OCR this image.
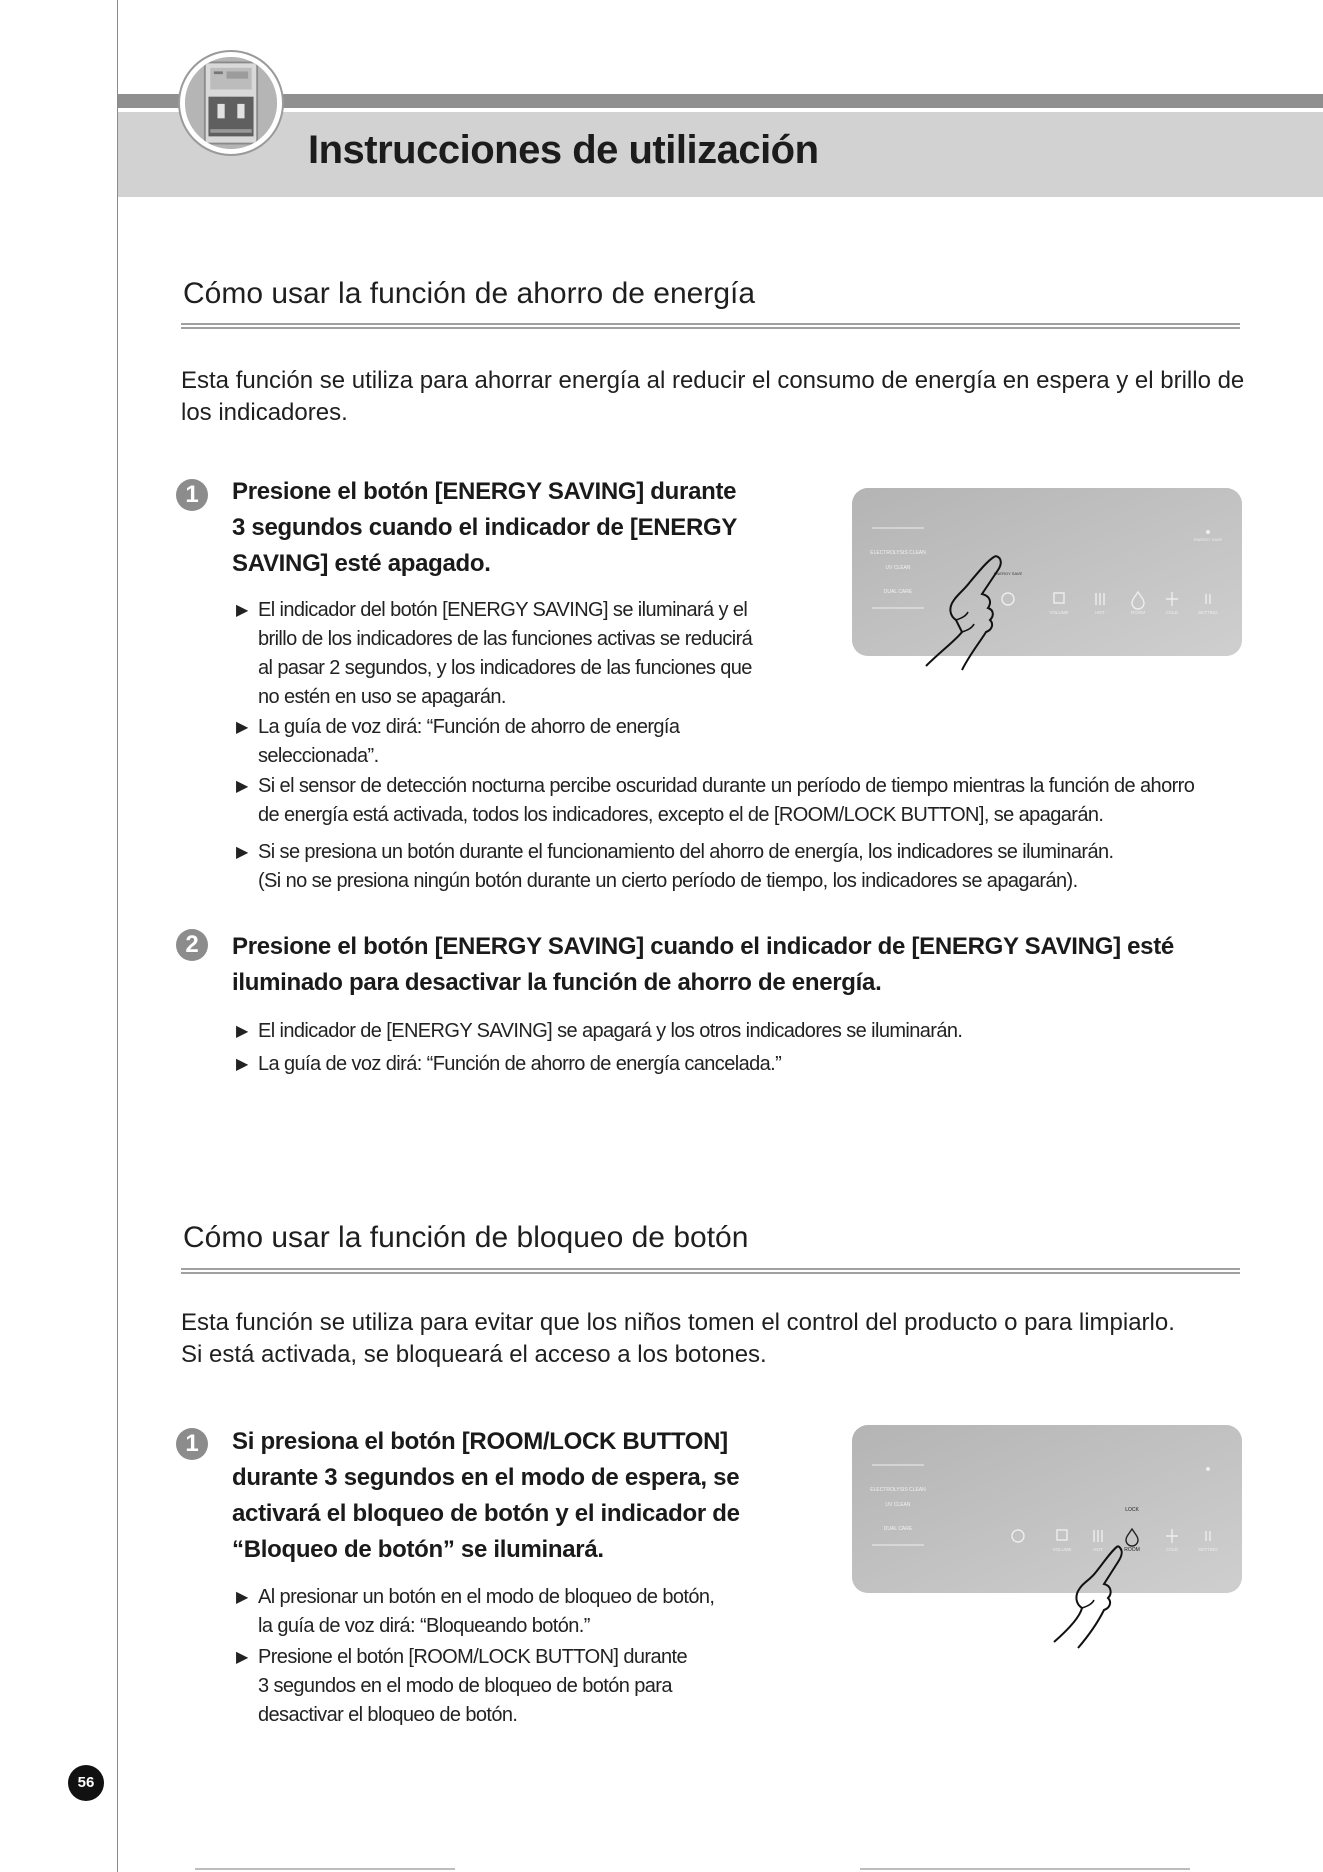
Instrucciones de utilización
Cómo usar la función de ahorro de energía
Esta función se utiliza para ahorrar energía al reducir el consumo de energía en espera y el brillo de los indicadores.
1	Presione el botón [ENERGY SAVING] durante
3 segundos cuando el indicador de [ENERGY
SAVING] esté apagado.
▶ El indicador del botón [ENERGY SAVING] se iluminará y el
brillo de los indicadores de las funciones activas se reducirá
al pasar 2 segundos, y los indicadores de las funciones que
no estén en uso se apagarán.
▶ La guía de voz dirá: “Función de ahorro de energía
seleccionada”.
▶ Si el sensor de detección nocturna percibe oscuridad durante un período de tiempo mientras la función de ahorro
de energía está activada, todos los indicadores, excepto el de [ROOM/LOCK BUTTON], se apagarán.
▶ Si se presiona un botón durante el funcionamiento del ahorro de energía, los indicadores se iluminarán.
(Si no se presiona ningún botón durante un cierto período de tiempo, los indicadores se apagarán).
ELECTROLYSIS CLEAN
UV CLEAN
DUAL CARE
ENERGY SAVE
ENERGY SAVE
VOLUME	HOT	ROOM	COLD	SETTING
2	Presione el botón [ENERGY SAVING] cuando el indicador de [ENERGY SAVING] esté
iluminado para desactivar la función de ahorro de energía.
▶ El indicador de [ENERGY SAVING] se apagará y los otros indicadores se iluminarán.
▶ La guía de voz dirá: “Función de ahorro de energía cancelada.”
Cómo usar la función de bloqueo de botón
Esta función se utiliza para evitar que los niños tomen el control del producto o para limpiarlo.
Si está activada, se bloqueará el acceso a los botones.
1	Si presiona el botón [ROOM/LOCK BUTTON]
durante 3 segundos en el modo de espera, se
activará el bloqueo de botón y el indicador de
“Bloqueo de botón” se iluminará.
▶ Al presionar un botón en el modo de bloqueo de botón,
la guía de voz dirá: “Bloqueando botón.”
▶ Presione el botón [ROOM/LOCK BUTTON] durante
3 segundos en el modo de bloqueo de botón para
desactivar el bloqueo de botón.
ELECTROLYSIS CLEAN
UV CLEAN
DUAL CARE
LOCK
ROOM
VOLUME	HOT	COLD	SETTING
56
